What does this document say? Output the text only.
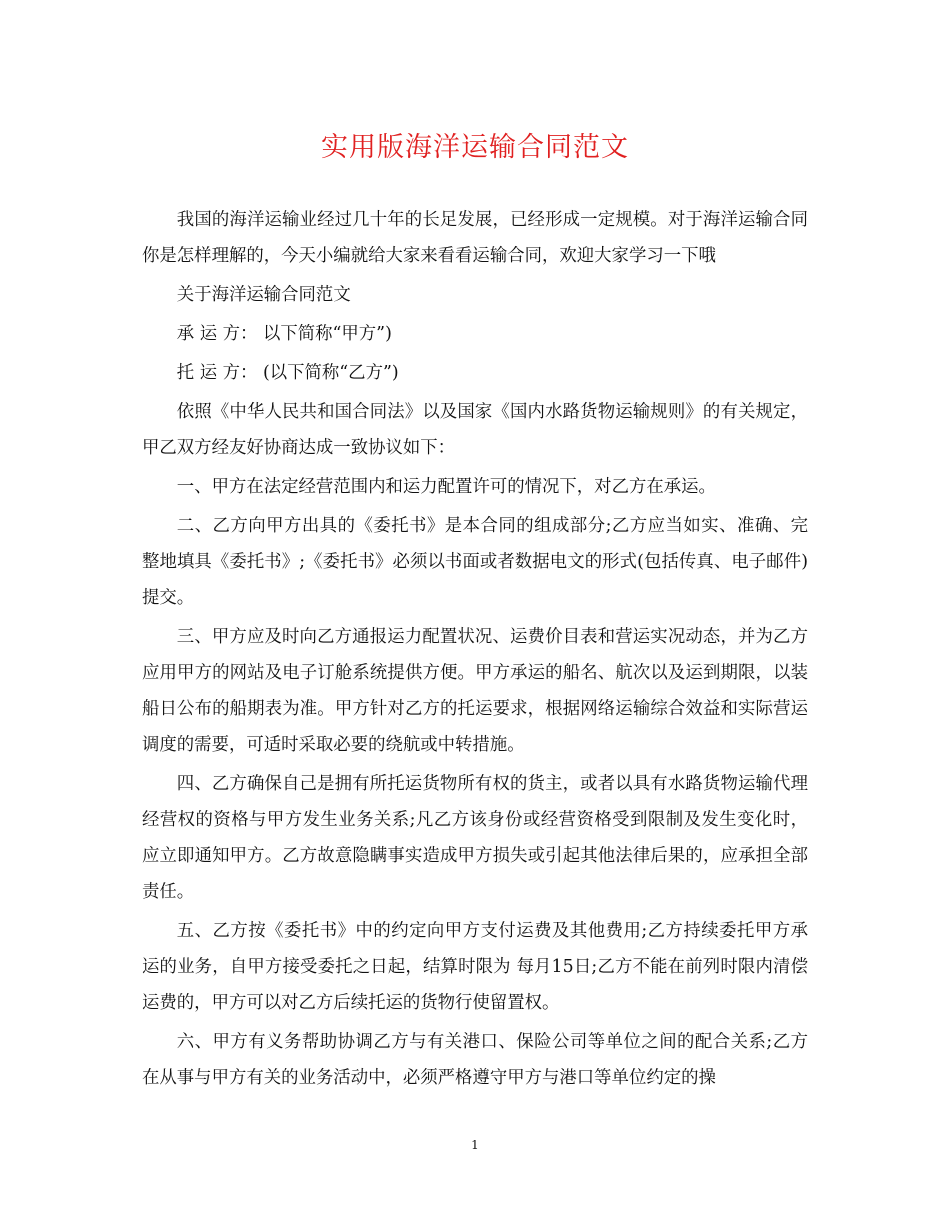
实用版海洋运输合同范文

我国的海洋运输业经过几十年的长足发展，已经形成一定规模。对于海洋运输合同你是怎样理解的，今天小编就给大家来看看运输合同，欢迎大家学习一下哦

关于海洋运输合同范文

承 运 方： 以下简称“甲方”)

托 运 方： (以下简称“乙方”)

依照《中华人民共和国合同法》以及国家《国内水路货物运输规则》的有关规定，甲乙双方经友好协商达成一致协议如下：

一、甲方在法定经营范围内和运力配置许可的情况下，对乙方在承运。

二、乙方向甲方出具的《委托书》是本合同的组成部分;乙方应当如实、准确、完整地填具《委托书》;《委托书》必须以书面或者数据电文的形式(包括传真、电子邮件)提交。

三、甲方应及时向乙方通报运力配置状况、运费价目表和营运实况动态，并为乙方应用甲方的网站及电子订舱系统提供方便。甲方承运的船名、航次以及运到期限，以装船日公布的船期表为准。甲方针对乙方的托运要求，根据网络运输综合效益和实际营运调度的需要，可适时采取必要的绕航或中转措施。

四、乙方确保自己是拥有所托运货物所有权的货主，或者以具有水路货物运输代理经营权的资格与甲方发生业务关系;凡乙方该身份或经营资格受到限制及发生变化时，应立即通知甲方。乙方故意隐瞒事实造成甲方损失或引起其他法律后果的，应承担全部责任。

五、乙方按《委托书》中的约定向甲方支付运费及其他费用;乙方持续委托甲方承运的业务，自甲方接受委托之日起，结算时限为 每月15日;乙方不能在前列时限内清偿运费的，甲方可以对乙方后续托运的货物行使留置权。

六、甲方有义务帮助协调乙方与有关港口、保险公司等单位之间的配合关系;乙方在从事与甲方有关的业务活动中，必须严格遵守甲方与港口等单位约定的操

1
